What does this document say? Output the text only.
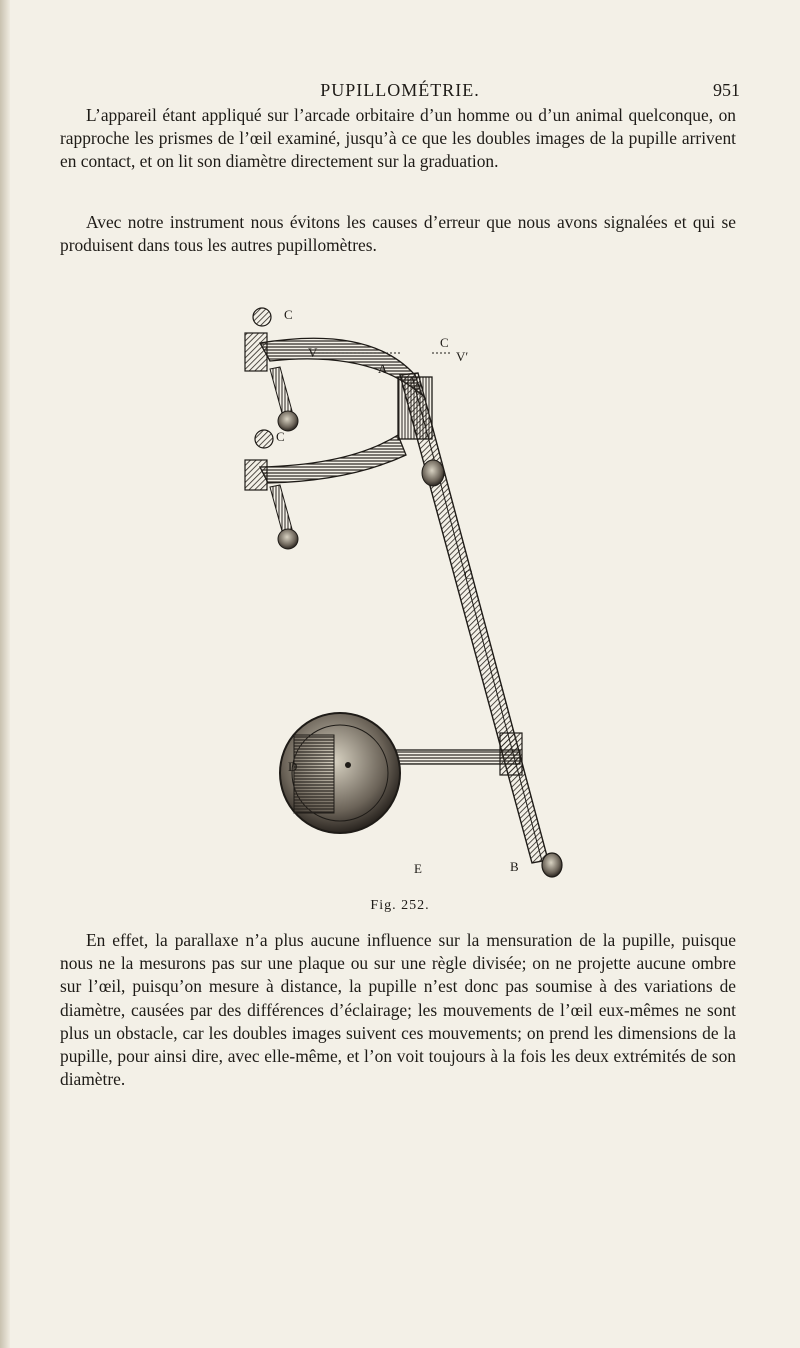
PUPILLOMÉTRIE.	951

L’appareil étant appliqué sur l’arcade orbitaire d’un homme ou d’un animal quelconque, on rapproche les prismes de l’œil examiné, jusqu’à ce que les doubles images de la pupille arrivent en contact, et on lit son diamètre directement sur la graduation.

Avec notre instrument nous évitons les causes d’erreur que nous avons signalées et qui se produisent dans tous les autres pupillomètres.

C
V
C
V′
A
C
C
D
E	B
Fig. 252.

En effet, la parallaxe n’a plus aucune influence sur la mensuration de la pupille, puisque nous ne la mesurons pas sur une plaque ou sur une règle divisée; on ne projette aucune ombre sur l’œil, puisqu’on mesure à distance, la pupille n’est donc pas soumise à des variations de diamètre, causées par des différences d’éclairage; les mouvements de l’œil eux-mêmes ne sont plus un obstacle, car les doubles images suivent ces mouvements; on prend les dimensions de la pupille, pour ainsi dire, avec elle-même, et l’on voit toujours à la fois les deux extrémités de son diamètre.
